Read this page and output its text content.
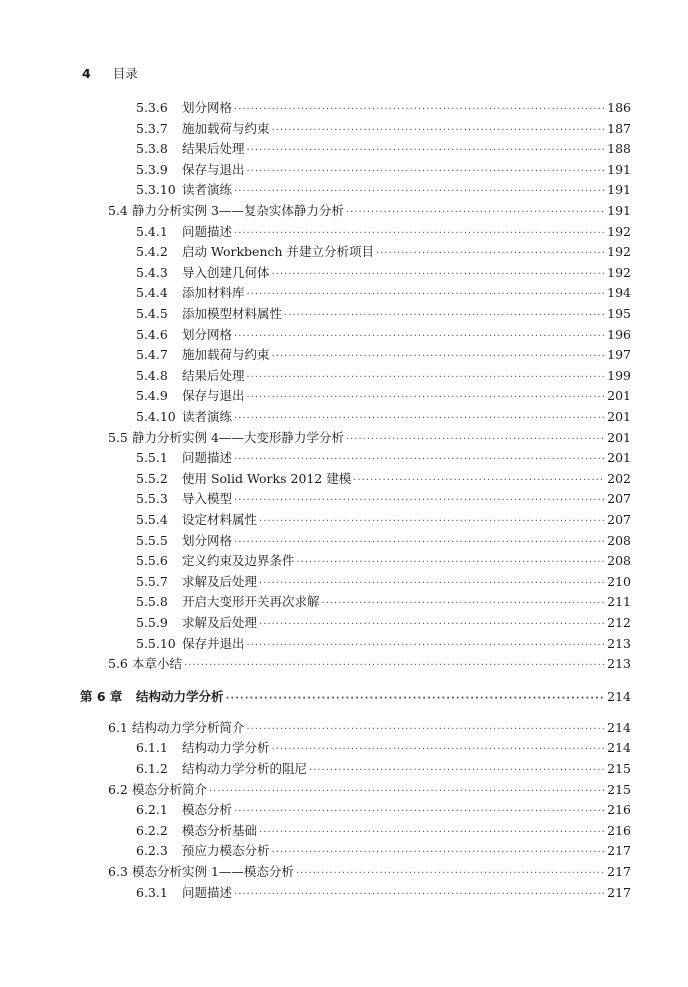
4 目录
5.3.6	划分网格 ·····	186
5.3.7	施加载荷与约束 ·····	187
5.3.8	结果后处理 ·····	188
5.3.9	保存与退出 ·····	191
5.3.10 读者演练 ·····	191
5.4 静力分析实例 3——复杂实体静力分析 ·····	191
5.4.1	问题描述 ·····	192
5.4.2	启动 Workbench 并建立分析项目 ·····	192
5.4.3	导入创建几何体 ·····	192
5.4.4	添加材料库 ·····	194
5.4.5	添加模型材料属性 ·····	195
5.4.6	划分网格 ·····	196
5.4.7	施加载荷与约束 ·····	197
5.4.8	结果后处理 ·····	199
5.4.9	保存与退出 ·····	201
5.4.10 读者演练 ·····	201
5.5 静力分析实例 4——大变形静力学分析 ·····	201
5.5.1	问题描述 ·····	201
5.5.2	使用 Solid Works 2012 建模 ·····	202
5.5.3	导入模型 ·····	207
5.5.4	设定材料属性 ·····	207
5.5.5	划分网格 ·····	208
5.5.6	定义约束及边界条件 ·····	208
5.5.7	求解及后处理 ·····	210
5.5.8	开启大变形开关再次求解 ·····	211
5.5.9	求解及后处理 ·····	212
5.5.10 保存并退出 ·····	213
5.6 本章小结 ·····	213
第 6 章	结构动力学分析 ·····	214
6.1 结构动力学分析简介 ·····	214
6.1.1	结构动力学分析 ·····	214
6.1.2	结构动力学分析的阻尼 ·····	215
6.2 模态分析简介 ·····	215
6.2.1	模态分析 ·····	216
6.2.2	模态分析基础 ·····	216
6.2.3	预应力模态分析 ·····	217
6.3 模态分析实例 1——模态分析 ·····	217
6.3.1	问题描述 ·····	217
